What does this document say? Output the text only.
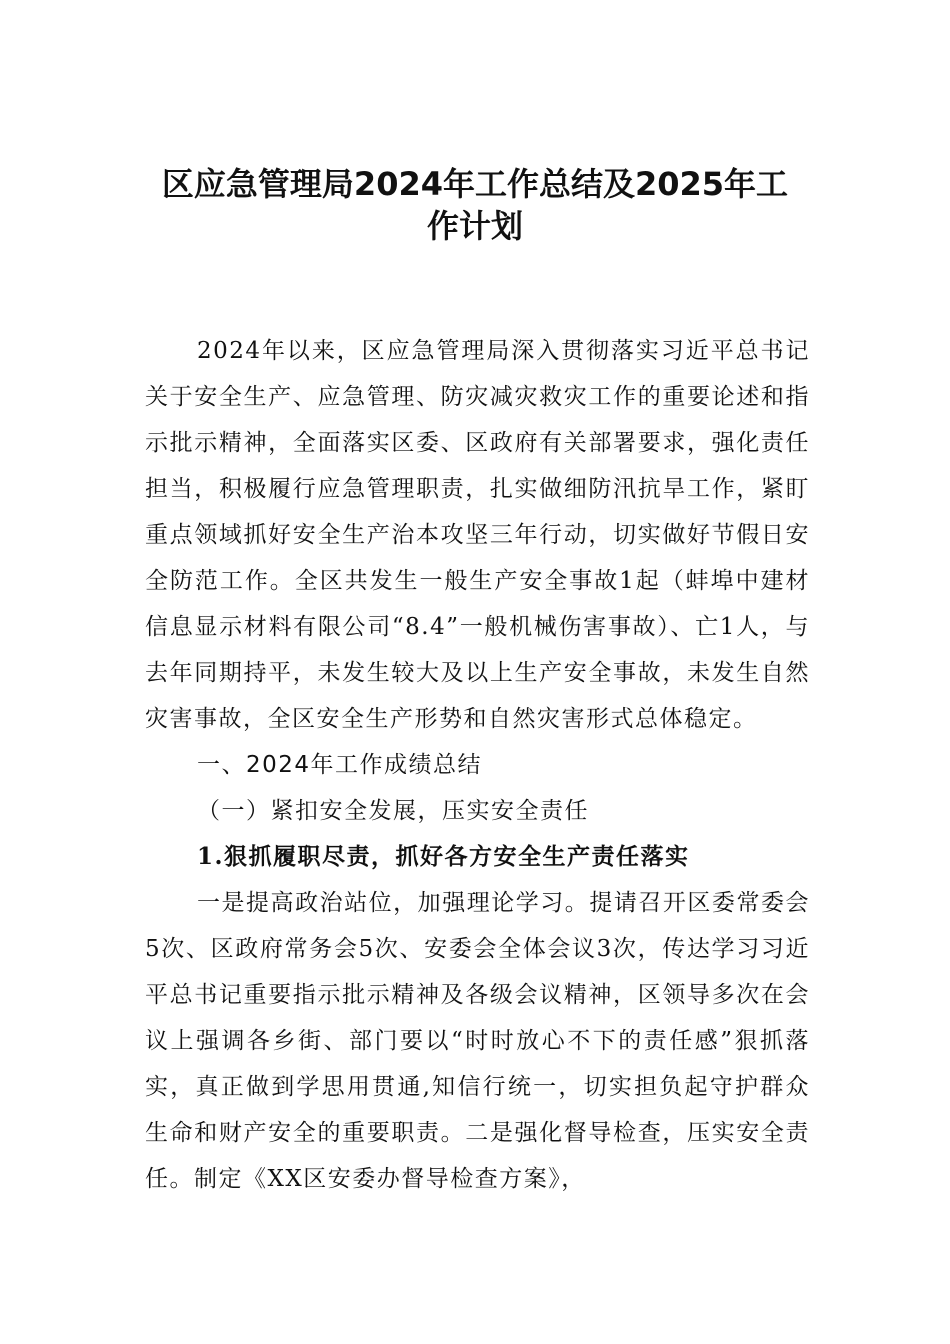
区应急管理局2024年工作总结及2025年工
作计划

2024年以来，区应急管理局深入贯彻落实习近平总书记关于安全生产、应急管理、防灾减灾救灾工作的重要论述和指示批示精神，全面落实区委、区政府有关部署要求，强化责任担当，积极履行应急管理职责，扎实做细防汛抗旱工作，紧盯重点领域抓好安全生产治本攻坚三年行动，切实做好节假日安全防范工作。全区共发生一般生产安全事故1起（蚌埠中建材信息显示材料有限公司“8.4”一般机械伤害事故）、亡1人，与去年同期持平，未发生较大及以上生产安全事故，未发生自然灾害事故，全区安全生产形势和自然灾害形式总体稳定。

一、2024年工作成绩总结

（一）紧扣安全发展，压实安全责任

1.狠抓履职尽责，抓好各方安全生产责任落实

一是提高政治站位，加强理论学习。提请召开区委常委会5次、区政府常务会5次、安委会全体会议3次，传达学习习近平总书记重要指示批示精神及各级会议精神，区领导多次在会议上强调各乡街、部门要以“时时放心不下的责任感”狠抓落实，真正做到学思用贯通,知信行统一，切实担负起守护群众生命和财产安全的重要职责。二是强化督导检查，压实安全责任。制定《XX区安委办督导检查方案》，
